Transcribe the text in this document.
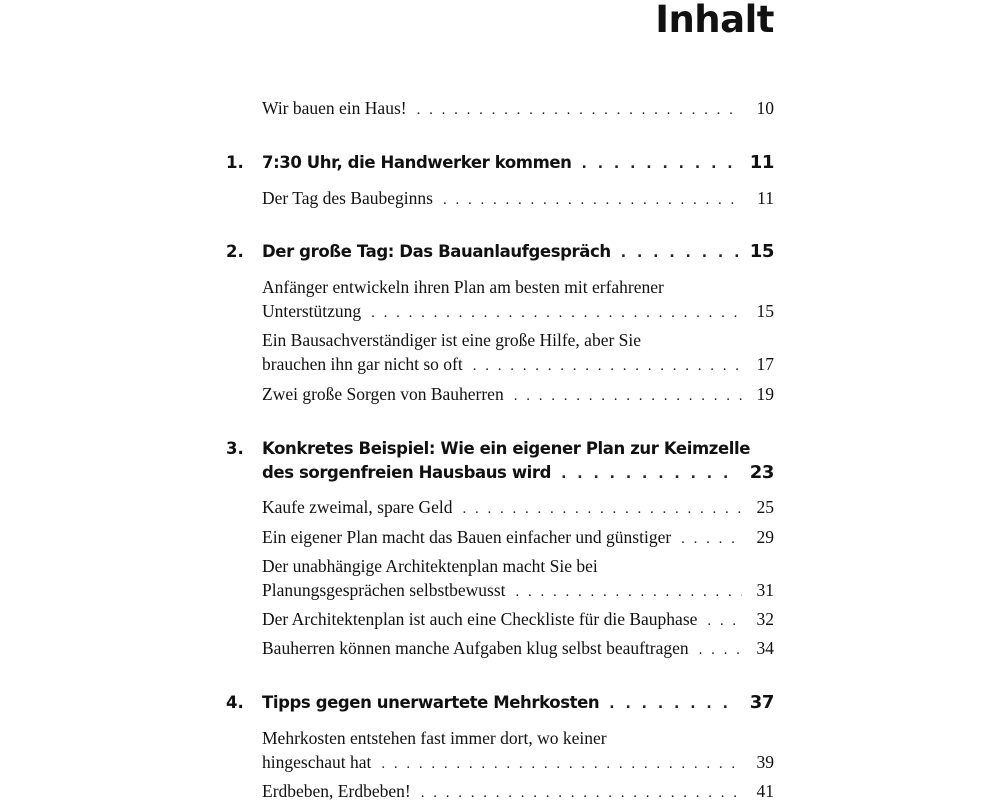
Inhalt
Wir bauen ein Haus! . . .	10
1. 7:30 Uhr, die Handwerker kommen . . .	11
Der Tag des Baubeginns . . .	11
2. Der große Tag: Das Bauanlaufgespräch . . .	15
Anfänger entwickeln ihren Plan am besten mit erfahrener
Unterstützung . . .	15
Ein Bausachverständiger ist eine große Hilfe, aber Sie
brauchen ihn gar nicht so oft . . .	17
Zwei große Sorgen von Bauherren . . .	19
3. Konkretes Beispiel: Wie ein eigener Plan zur Keimzelle
des sorgenfreien Hausbaus wird . . .	23
Kaufe zweimal, spare Geld . . .	25
Ein eigener Plan macht das Bauen einfacher und günstiger . . .	29
Der unabhängige Architektenplan macht Sie bei
Planungsgesprächen selbstbewusst . . .	31
Der Architektenplan ist auch eine Checkliste für die Bauphase . . .	32
Bauherren können manche Aufgaben klug selbst beauftragen . . .	34
4. Tipps gegen unerwartete Mehrkosten . . .	37
Mehrkosten entstehen fast immer dort, wo keiner
hingeschaut hat . . .	39
Erdbeben, Erdbeben! . . .	41
